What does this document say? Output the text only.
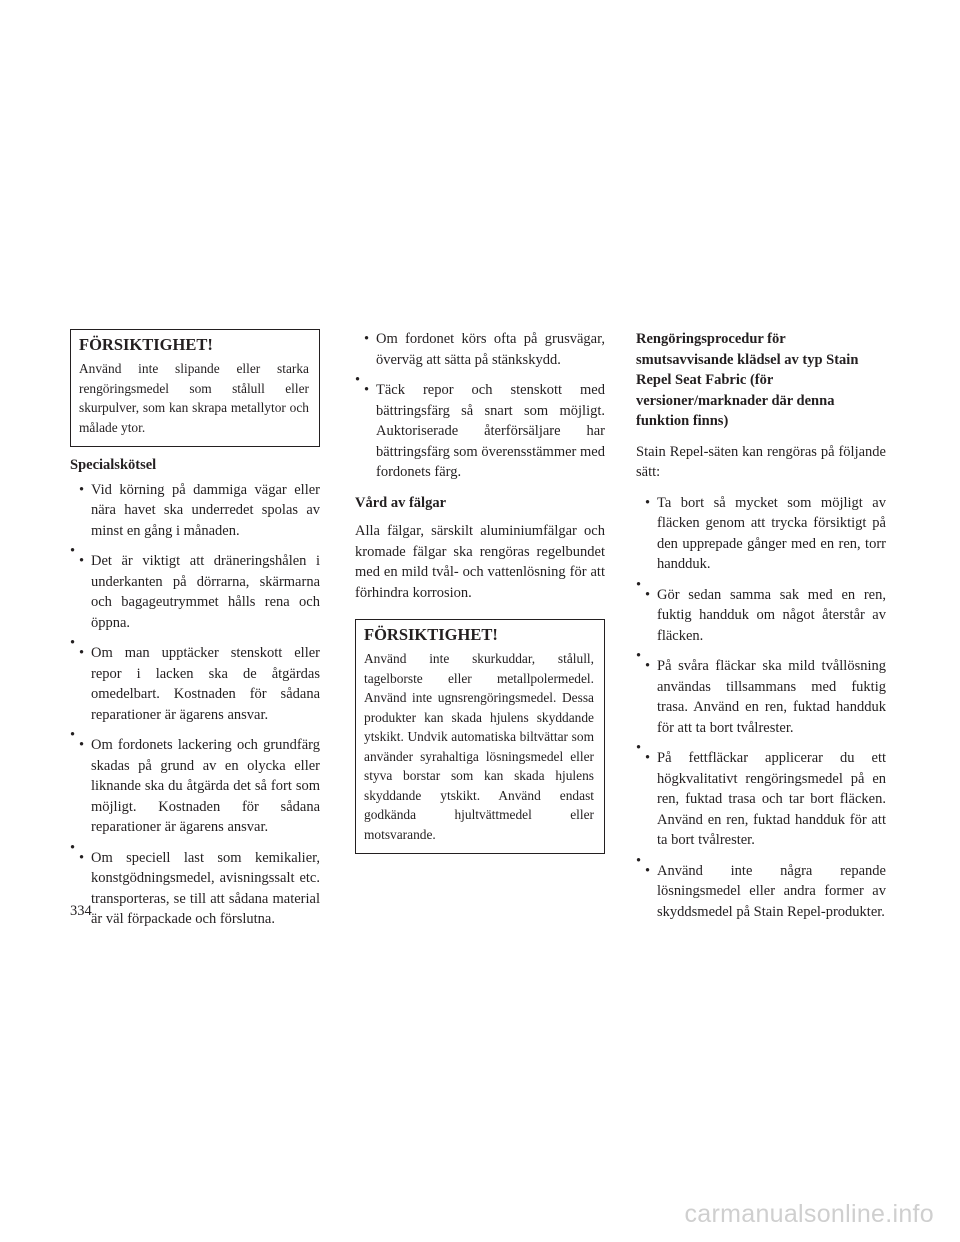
FÖRSIKTIGHET!

Använd inte slipande eller starka rengöringsmedel som stålull eller skurpulver, som kan skrapa metallytor och målade ytor.

Specialskötsel
• Vid körning på dammiga vägar eller nära havet ska underredet spolas av minst en gång i månaden.
•
• Det är viktigt att dräneringshålen i underkanten på dörrarna, skärmarna och bagageutrymmet hålls rena och öppna.
•
• Om man upptäcker stenskott eller repor i lacken ska de åtgärdas omedelbart. Kostnaden för sådana reparationer är ägarens ansvar.
•
• Om fordonets lackering och grundfärg skadas på grund av en olycka eller liknande ska du åtgärda det så fort som möjligt. Kostnaden för sådana reparationer är ägarens ansvar.
•
• Om speciell last som kemikalier, konstgödningsmedel, avisningssalt etc. transporteras, se till att sådana material är väl förpackade och förslutna.
• Om fordonet körs ofta på grusvägar, överväg att sätta på stänkskydd.
•
• Täck repor och stenskott med bättringsfärg så snart som möjligt. Auktoriserade återförsäljare har bättringsfärg som överensstämmer med fordonets färg.
Vård av fälgar

Alla fälgar, särskilt aluminiumfälgar och kromade fälgar ska rengöras regelbundet med en mild tvål- och vattenlösning för att förhindra korrosion.

FÖRSIKTIGHET!

Använd inte skurkuddar, stålull, tagelborste eller metallpolermedel. Använd inte ugnsrengöringsmedel. Dessa produkter kan skada hjulens skyddande ytskikt. Undvik automatiska biltvättar som använder syrahaltiga lösningsmedel eller styva borstar som kan skada hjulens skyddande ytskikt. Använd endast godkända hjultvättmedel eller motsvarande.

Rengöringsprocedur för smutsavvisande klädsel av typ Stain Repel Seat Fabric (för versioner/marknader där denna funktion finns)

Stain Repel-säten kan rengöras på följande sätt:

• Ta bort så mycket som möjligt av fläcken genom att trycka försiktigt på den upprepade gånger med en ren, torr handduk.
•
• Gör sedan samma sak med en ren, fuktig handduk om något återstår av fläcken.
•
• På svåra fläckar ska mild tvållösning användas tillsammans med fuktig trasa. Använd en ren, fuktad handduk för att ta bort tvålrester.
•
• På fettfläckar applicerar du ett högkvalitativt rengöringsmedel på en ren, fuktad trasa och tar bort fläcken. Använd en ren, fuktad handduk för att ta bort tvålrester.
•
• Använd inte några repande lösningsmedel eller andra former av skyddsmedel på Stain Repel-produkter.
334
carmanualsonline.info
